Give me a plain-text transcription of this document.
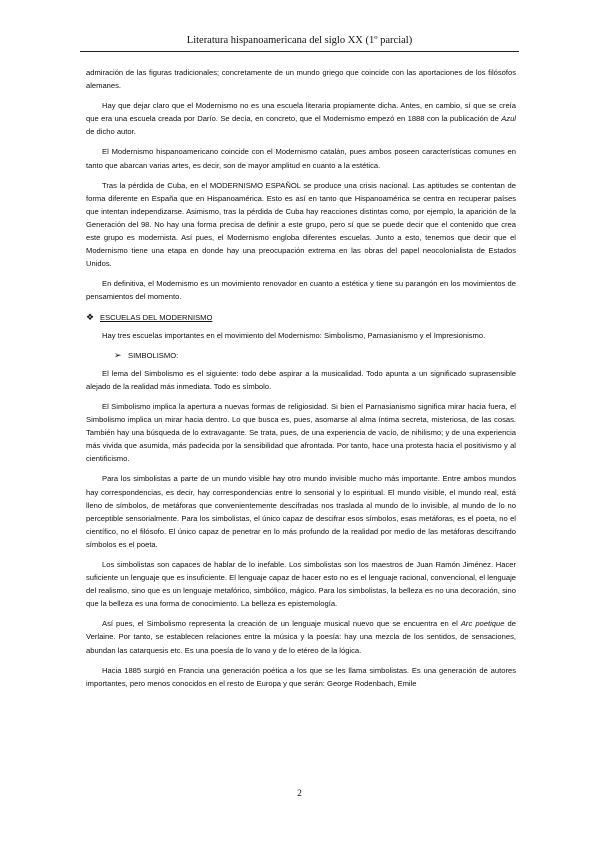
Literatura hispanoamericana del siglo XX (1º parcial)

admiración de las figuras tradicionales; concretamente de un mundo griego que coincide con las aportaciones de los filósofos alemanes.

Hay que dejar claro que el Modernismo no es una escuela literaria propiamente dicha. Antes, en cambio, sí que se creía que era una escuela creada por Darío. Se decía, en concreto, que el Modernismo empezó en 1888 con la publicación de Azul de dicho autor.

El Modernismo hispanoamericano coincide con el Modernismo catalán, pues ambos poseen características comunes en tanto que abarcan varias artes, es decir, son de mayor amplitud en cuanto a la estética.

Tras la pérdida de Cuba, en el MODERNISMO ESPAÑOL se produce una crisis nacional. Las aptitudes se contentan de forma diferente en España que en Hispanoamérica. Esto es así en tanto que Hispanoamérica se centra en recuperar países que intentan independizarse. Asimismo, tras la pérdida de Cuba hay reacciones distintas como, por ejemplo, la aparición de la Generación del 98. No hay una forma precisa de definir a este grupo, pero sí que se puede decir que el contenido que crea este grupo es modernista. Así pues, el Modernismo engloba diferentes escuelas. Junto a esto, tenemos que decir que el Modernismo tiene una etapa en donde hay una preocupación extrema en las obras del papel neocolonialista de Estados Unidos.

En definitiva, el Modernismo es un movimiento renovador en cuanto a estética y tiene su parangón en los movimientos de pensamientos del momento.

❖ ESCUELAS DEL MODERNISMO

Hay tres escuelas importantes en el movimiento del Modernismo: Simbolismo, Parnasianismo y el Impresionismo.

➢ SIMBOLISMO:

El lema del Simbolismo es el siguiente: todo debe aspirar a la musicalidad. Todo apunta a un significado suprasensible alejado de la realidad más inmediata. Todo es símbolo.

El Simbolismo implica la apertura a nuevas formas de religiosidad. Si bien el Parnasianismo significa mirar hacia fuera, el Simbolismo implica un mirar hacia dentro. Lo que busca es, pues, asomarse al alma íntima secreta, misteriosa, de las cosas. También hay una búsqueda de lo extravagante. Se trata, pues, de una experiencia de vacío, de nihilismo; y de una experiencia más vivida que asumida, más padecida por la sensibilidad que afrontada. Por tanto, hace una protesta hacia el positivismo y al cientificismo.

Para los simbolistas a parte de un mundo visible hay otro mundo invisible mucho más importante. Entre ambos mundos hay correspondencias, es decir, hay correspondencias entre lo sensorial y lo espiritual. El mundo visible, el mundo real, está lleno de símbolos, de metáforas que convenientemente descifradas nos traslada al mundo de lo invisible, al mundo de lo no perceptible sensorialmente. Para los simbolistas, el único capaz de descifrar esos símbolos, esas metáforas, es el poeta, no el científico, no el filósofo. El único capaz de penetrar en lo más profundo de la realidad por medio de las metáforas descifrando símbolos es el poeta.

Los simbolistas son capaces de hablar de lo inefable. Los simbolistas son los maestros de Juan Ramón Jiménez. Hacer suficiente un lenguaje que es insuficiente. El lenguaje capaz de hacer esto no es el lenguaje racional, convencional, el lenguaje del realismo, sino que es un lenguaje metafórico, simbólico, mágico. Para los simbolistas, la belleza es no una decoración, sino que la belleza es una forma de conocimiento. La belleza es epistemología.

Así pues, el Simbolismo representa la creación de un lenguaje musical nuevo que se encuentra en el Arc poetique de Verlaine. Por tanto, se establecen relaciones entre la música y la poesía: hay una mezcla de los sentidos, de sensaciones, abundan las catarquesis etc. Es una poesía de lo vano y de lo etéreo de la lógica.

Hacia 1885 surgió en Francia una generación poética a los que se les llama simbolistas. Es una generación de autores importantes, pero menos conocidos en el resto de Europa y que serán: George Rodenbach, Emile

2
